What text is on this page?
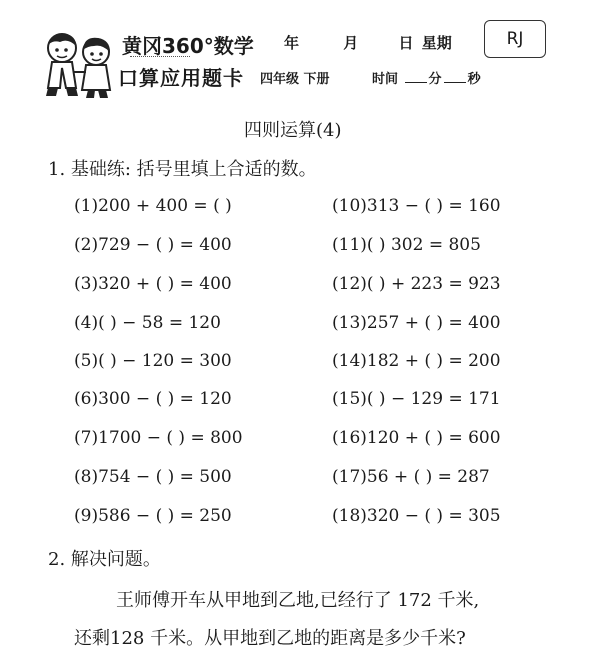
黄冈360°数学
口算应用题卡
年	月	日 星期
四年级 下册	时间 分 秒
RJ
四则运算(4)
1. 基础练: 括号里填上合适的数。
(1)200 + 400 = ( )
(2)729 − ( ) = 400
(3)320 + ( ) = 400
(4)( ) − 58 = 120
(5)( ) − 120 = 300
(6)300 − ( ) = 120
(7)1700 − ( ) = 800
(8)754 − ( ) = 500
(9)586 − ( ) = 250
(10)313 − ( ) = 160
(11)( ) 302 = 805
(12)( ) + 223 = 923
(13)257 + ( ) = 400
(14)182 + ( ) = 200
(15)( ) − 129 = 171
(16)120 + ( ) = 600
(17)56 + ( ) = 287
(18)320 − ( ) = 305
2. 解决问题。
王师傅开车从甲地到乙地,已经行了 172 千米,
还剩128 千米。从甲地到乙地的距离是多少千米?
